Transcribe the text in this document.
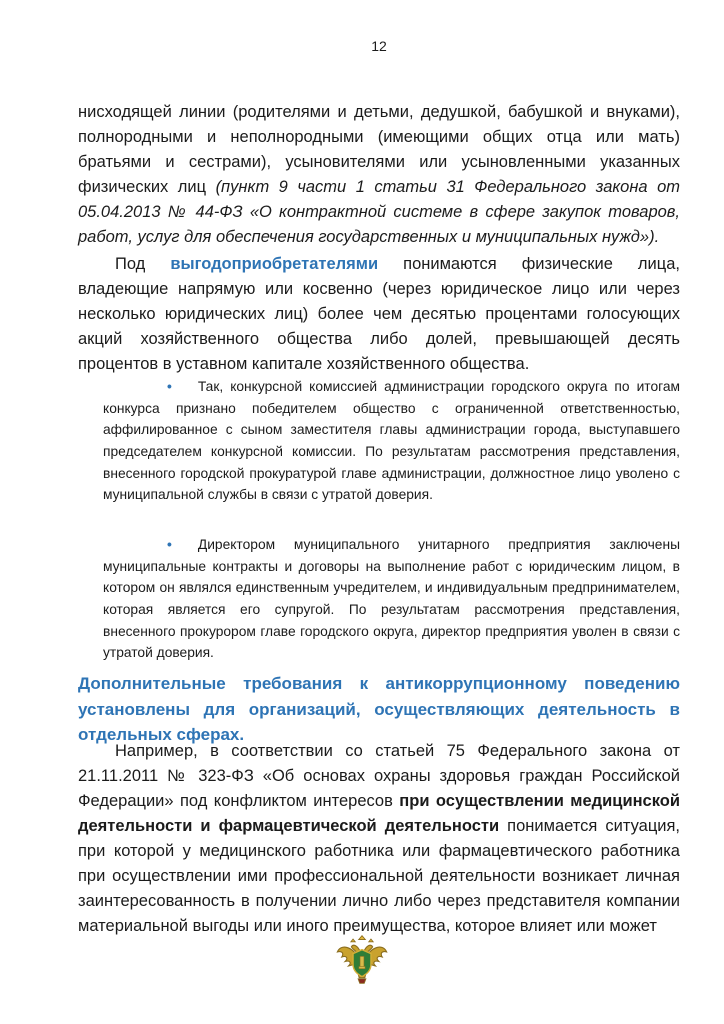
12

нисходящей линии (родителями и детьми, дедушкой, бабушкой и внуками), полнородными и неполнородными (имеющими общих отца или мать) братьями и сестрами), усыновителями или усыновленными указанных физических лиц (пункт 9 части 1 статьи 31 Федерального закона от 05.04.2013 № 44-ФЗ «О контрактной системе в сфере закупок товаров, работ, услуг для обеспечения государственных и муниципальных нужд»).

Под выгодоприобретателями понимаются физические лица, владеющие напрямую или косвенно (через юридическое лицо или через несколько юридических лиц) более чем десятью процентами голосующих акций хозяйственного общества либо долей, превышающей десять процентов в уставном капитале хозяйственного общества.

• Так, конкурсной комиссией администрации городского округа по итогам конкурса признано победителем общество с ограниченной ответственностью, аффилированное с сыном заместителя главы администрации города, выступавшего председателем конкурсной комиссии. По результатам рассмотрения представления, внесенного городской прокуратурой главе администрации, должностное лицо уволено с муниципальной службы в связи с утратой доверия.

• Директором муниципального унитарного предприятия заключены муниципальные контракты и договоры на выполнение работ с юридическим лицом, в котором он являлся единственным учредителем, и индивидуальным предпринимателем, которая является его супругой. По результатам рассмотрения представления, внесенного прокурором главе городского округа, директор предприятия уволен в связи с утратой доверия.

Дополнительные требования к антикоррупционному поведению установлены для организаций, осуществляющих деятельность в отдельных сферах.

Например, в соответствии со статьей 75 Федерального закона от 21.11.2011 № 323-ФЗ «Об основах охраны здоровья граждан Российской Федерации» под конфликтом интересов при осуществлении медицинской деятельности и фармацевтической деятельности понимается ситуация, при которой у медицинского работника или фармацевтического работника при осуществлении ими профессиональной деятельности возникает личная заинтересованность в получении лично либо через представителя компании материальной выгоды или иного преимущества, которое влияет или может
